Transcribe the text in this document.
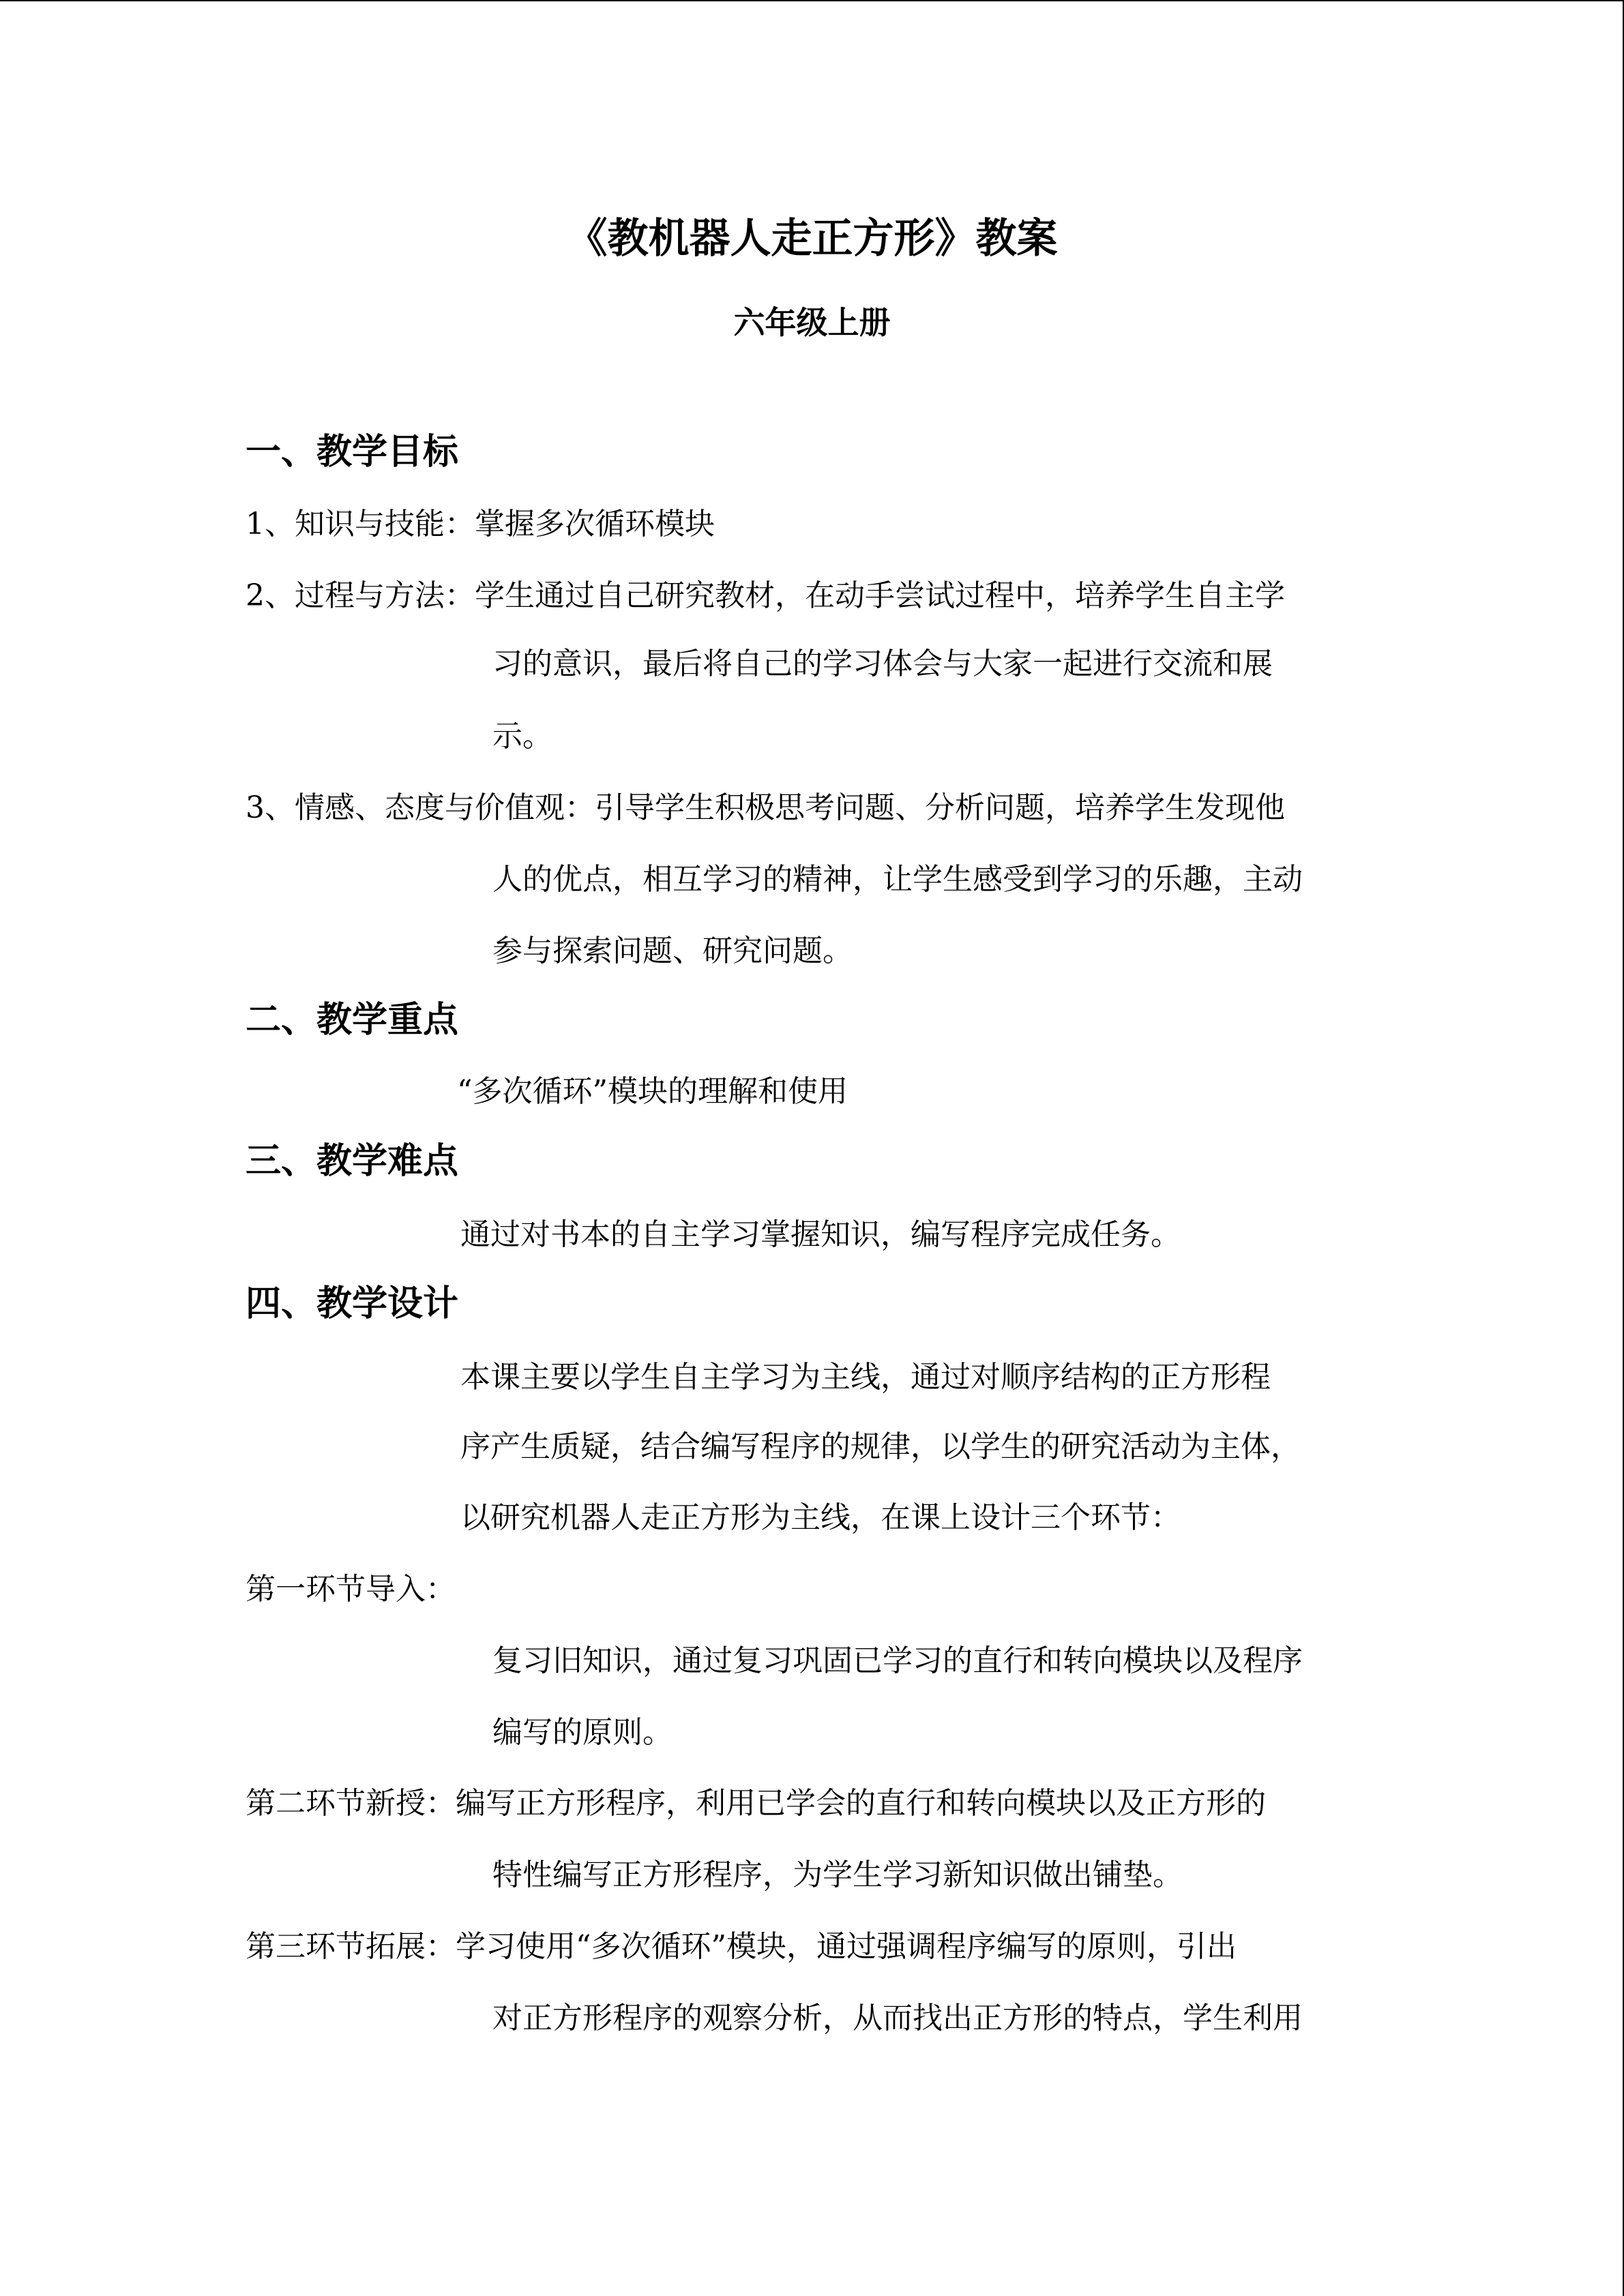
《教机器人走正方形》教案
六年级上册
一、教学目标
1、知识与技能：掌握多次循环模块
2、过程与方法：学生通过自己研究教材，在动手尝试过程中，培养学生自主学
习的意识，最后将自己的学习体会与大家一起进行交流和展
示。
3、情感、态度与价值观：引导学生积极思考问题、分析问题，培养学生发现他
人的优点，相互学习的精神，让学生感受到学习的乐趣，主动
参与探索问题、研究问题。
二、教学重点
“多次循环”模块的理解和使用
三、教学难点
通过对书本的自主学习掌握知识，编写程序完成任务。
四、教学设计
本课主要以学生自主学习为主线，通过对顺序结构的正方形程
序产生质疑，结合编写程序的规律，以学生的研究活动为主体，
以研究机器人走正方形为主线，在课上设计三个环节：
第一环节导入：
复习旧知识，通过复习巩固已学习的直行和转向模块以及程序
编写的原则。
第二环节新授：编写正方形程序，利用已学会的直行和转向模块以及正方形的
特性编写正方形程序，为学生学习新知识做出铺垫。
第三环节拓展：学习使用“多次循环”模块，通过强调程序编写的原则，引出
对正方形程序的观察分析，从而找出正方形的特点，学生利用
